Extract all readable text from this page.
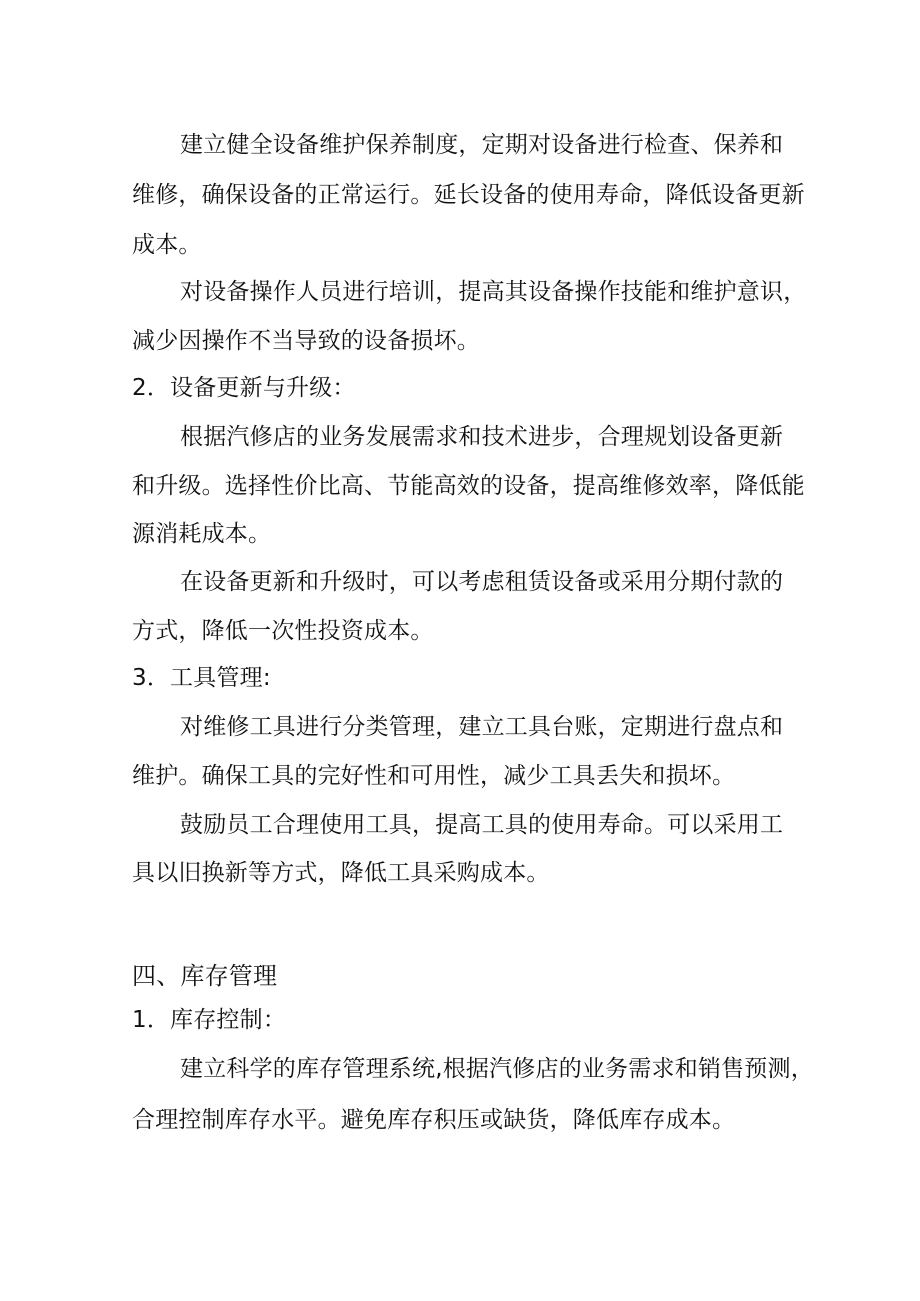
建立健全设备维护保养制度，定期对设备进行检查、保养和
维修，确保设备的正常运行。延长设备的使用寿命，降低设备更新
成本。
对设备操作人员进行培训，提高其设备操作技能和维护意识，
减少因操作不当导致的设备损坏。
2．设备更新与升级：
根据汽修店的业务发展需求和技术进步，合理规划设备更新
和升级。选择性价比高、节能高效的设备，提高维修效率，降低能
源消耗成本。
在设备更新和升级时，可以考虑租赁设备或采用分期付款的
方式，降低一次性投资成本。
3．工具管理:
对维修工具进行分类管理，建立工具台账，定期进行盘点和
维护。确保工具的完好性和可用性，减少工具丢失和损坏。
鼓励员工合理使用工具，提高工具的使用寿命。可以采用工
具以旧换新等方式，降低工具采购成本。
四、库存管理
1．库存控制：
建立科学的库存管理系统,根据汽修店的业务需求和销售预测，
合理控制库存水平。避免库存积压或缺货，降低库存成本。
